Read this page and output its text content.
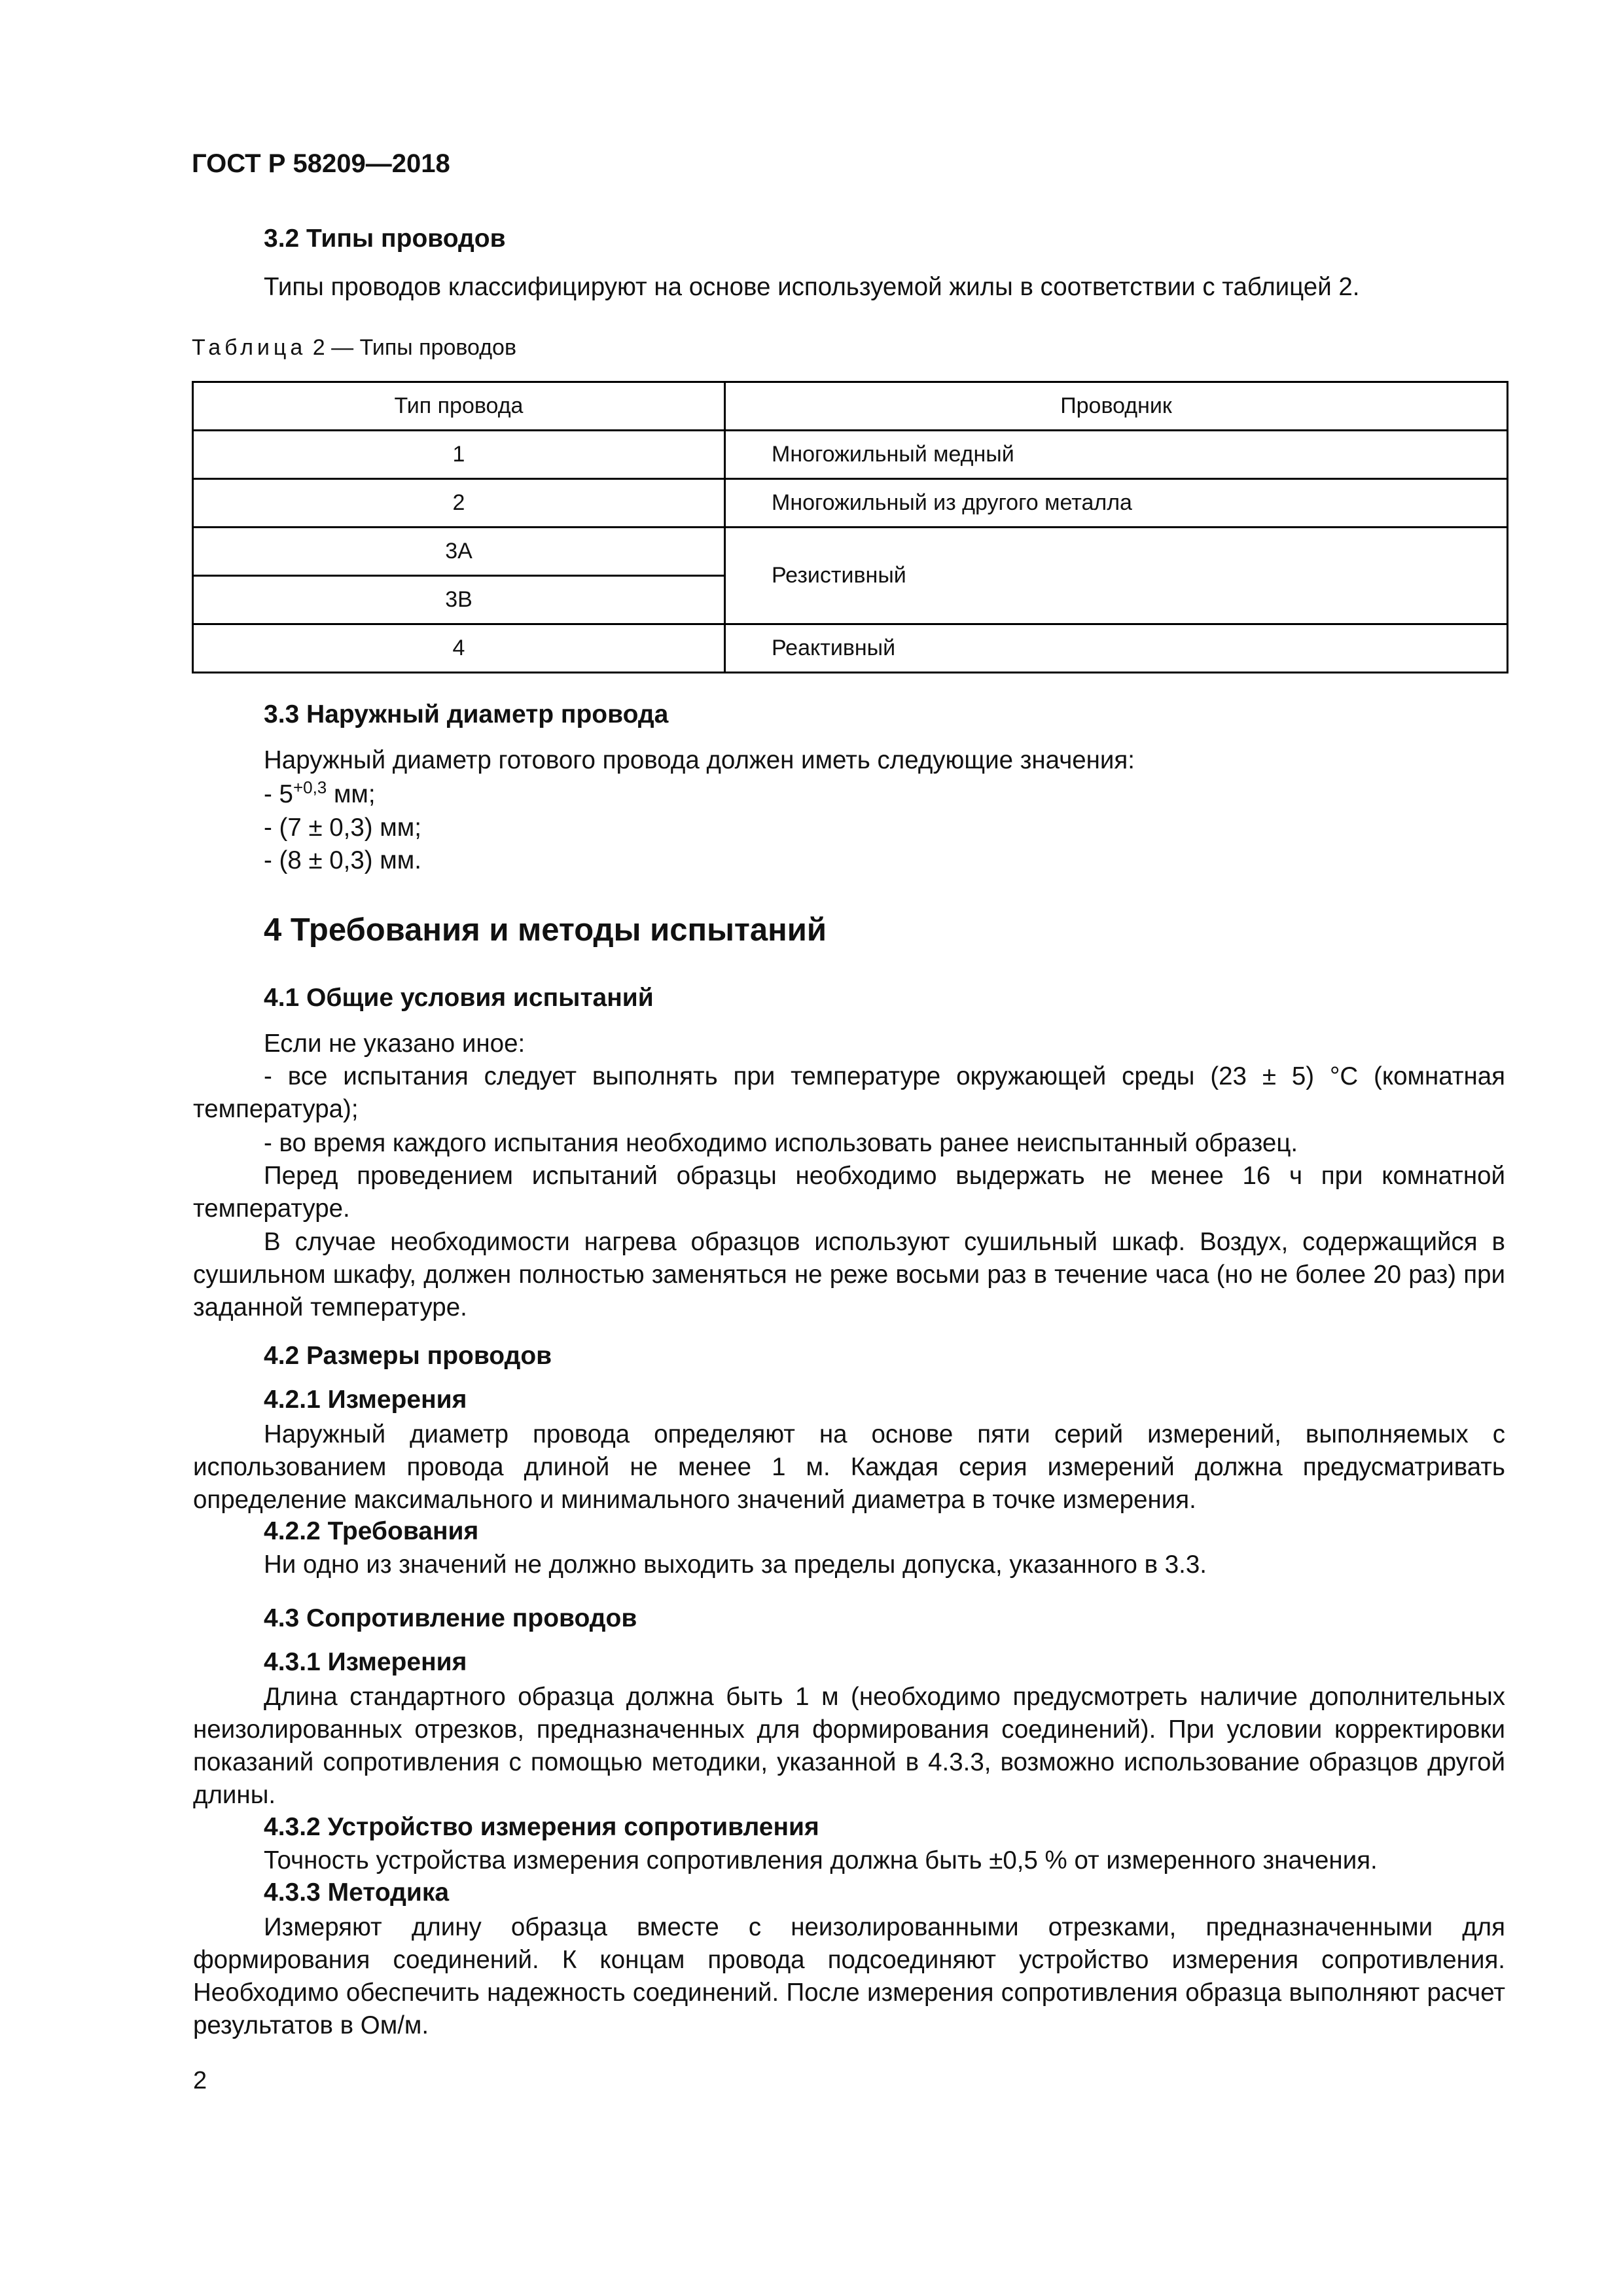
ГОСТ Р 58209—2018
3.2 Типы проводов
Типы проводов классифицируют на основе используемой жилы в соответствии с таблицей 2.
Таблица 2 — Типы проводов
Тип провода	Проводник
1	Многожильный медный
2	Многожильный из другого металла
3А	Резистивный
3В	
4	Реактивный
3.3 Наружный диаметр провода
Наружный диаметр готового провода должен иметь следующие значения:
- $5^{+0,3}$ мм;
- (7 ± 0,3) мм;
- (8 ± 0,3) мм.
4 Требования и методы испытаний
4.1 Общие условия испытаний
Если не указано иное:

- все испытания следует выполнять при температуре окружающей среды (23 ± 5) °С (комнатная температура);

- во время каждого испытания необходимо использовать ранее неиспытанный образец.

Перед проведением испытаний образцы необходимо выдержать не менее 16 ч при комнатной температуре.

В случае необходимости нагрева образцов используют сушильный шкаф. Воздух, содержащийся в сушильном шкафу, должен полностью заменяться не реже восьми раз в течение часа (но не более 20 раз) при заданной температуре.

4.2 Размеры проводов
4.2.1 Измерения

Наружный диаметр провода определяют на основе пяти серий измерений, выполняемых с использованием провода длиной не менее 1 м. Каждая серия измерений должна предусматривать определение максимального и минимального значений диаметра в точке измерения.

4.2.2 Требования
Ни одно из значений не должно выходить за пределы допуска, указанного в 3.3.
4.3 Сопротивление проводов
4.3.1 Измерения

Длина стандартного образца должна быть 1 м (необходимо предусмотреть наличие дополнительных неизолированных отрезков, предназначенных для формирования соединений). При условии корректировки показаний сопротивления с помощью методики, указанной в 4.3.3, возможно использование образцов другой длины.

4.3.2 Устройство измерения сопротивления
Точность устройства измерения сопротивления должна быть ±0,5 % от измеренного значения.
4.3.3 Методика

Измеряют длину образца вместе с неизолированными отрезками, предназначенными для формирования соединений. К концам провода подсоединяют устройство измерения сопротивления. Необходимо обеспечить надежность соединений. После измерения сопротивления образца выполняют расчет результатов в Ом/м.

2
